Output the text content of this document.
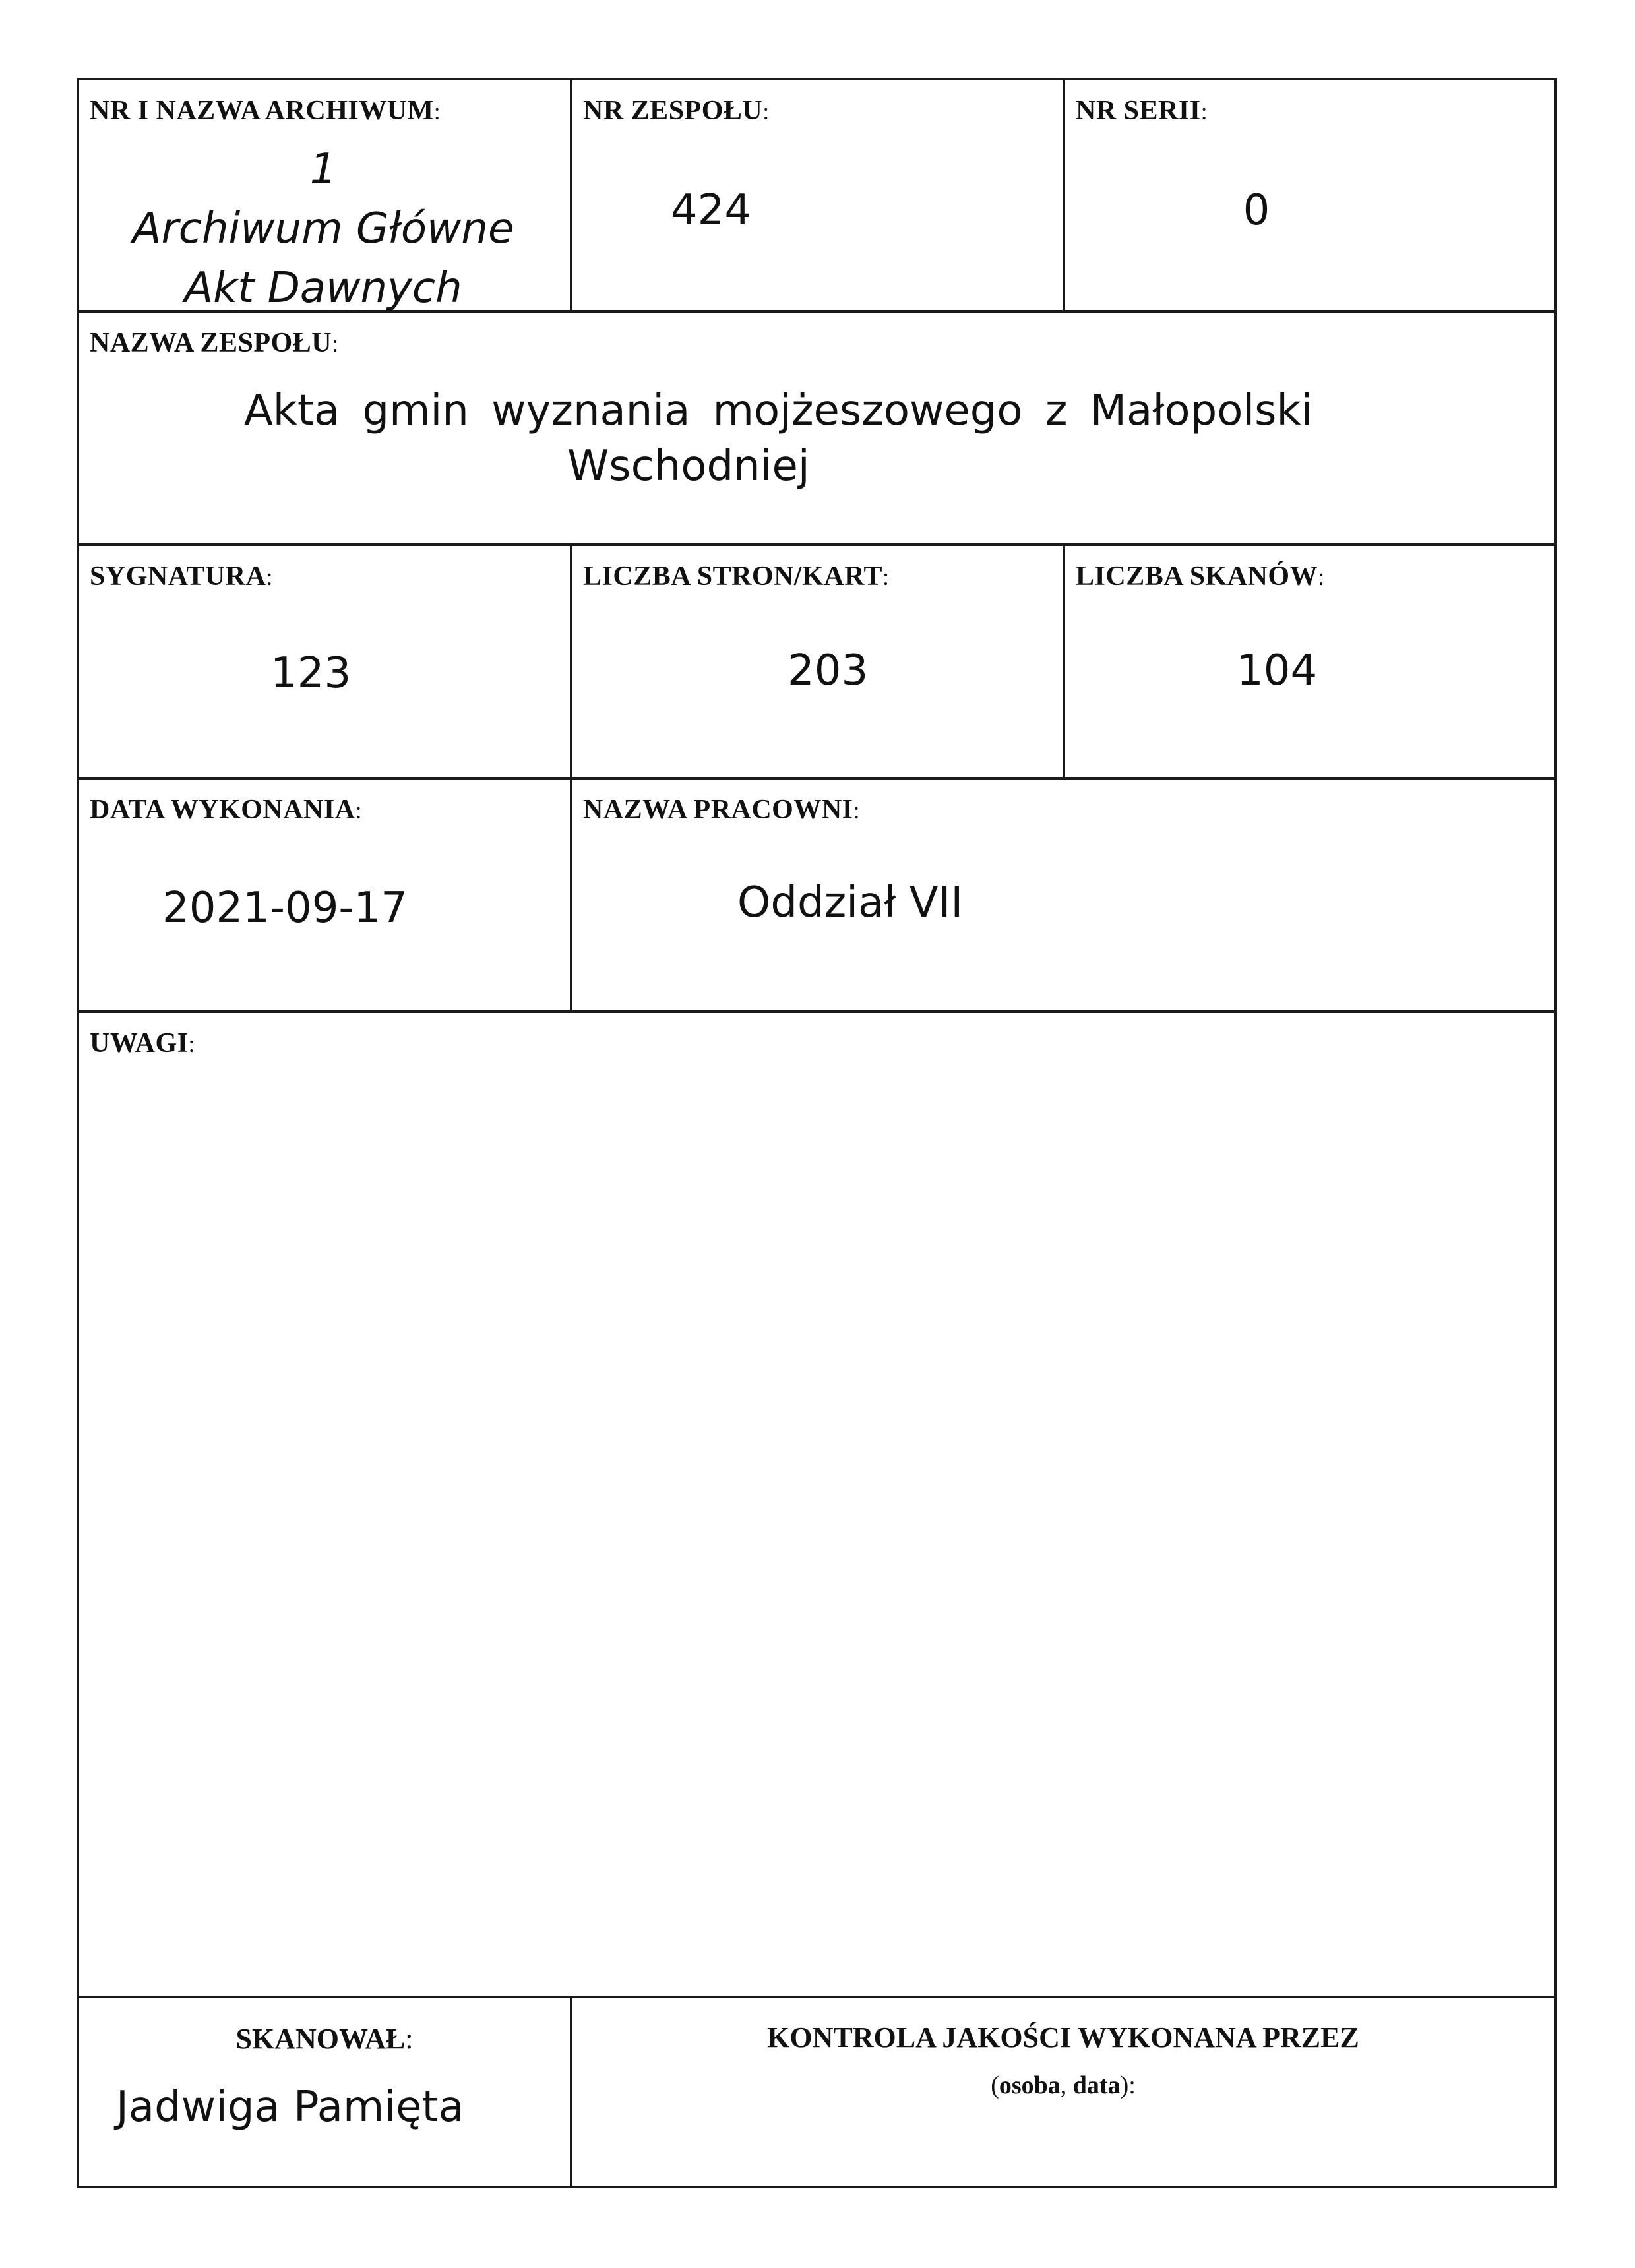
NR I NAZWA ARCHIWUM:
1
Archiwum Główne
Akt Dawnych
NR ZESPOŁU:
424
NR SERII:
0
NAZWA ZESPOŁU:
Akta gmin wyznania mojżeszowego z Małopolski
Wschodniej
SYGNATURA:
123
LICZBA STRON/KART:
203
LICZBA SKANÓW:
104
DATA WYKONANIA:
2021-09-17
NAZWA PRACOWNI:
Oddział VII
UWAGI:
SKANOWAŁ:
Jadwiga Pamięta
KONTROLA JAKOŚCI WYKONANA PRZEZ
(osoba, data):
